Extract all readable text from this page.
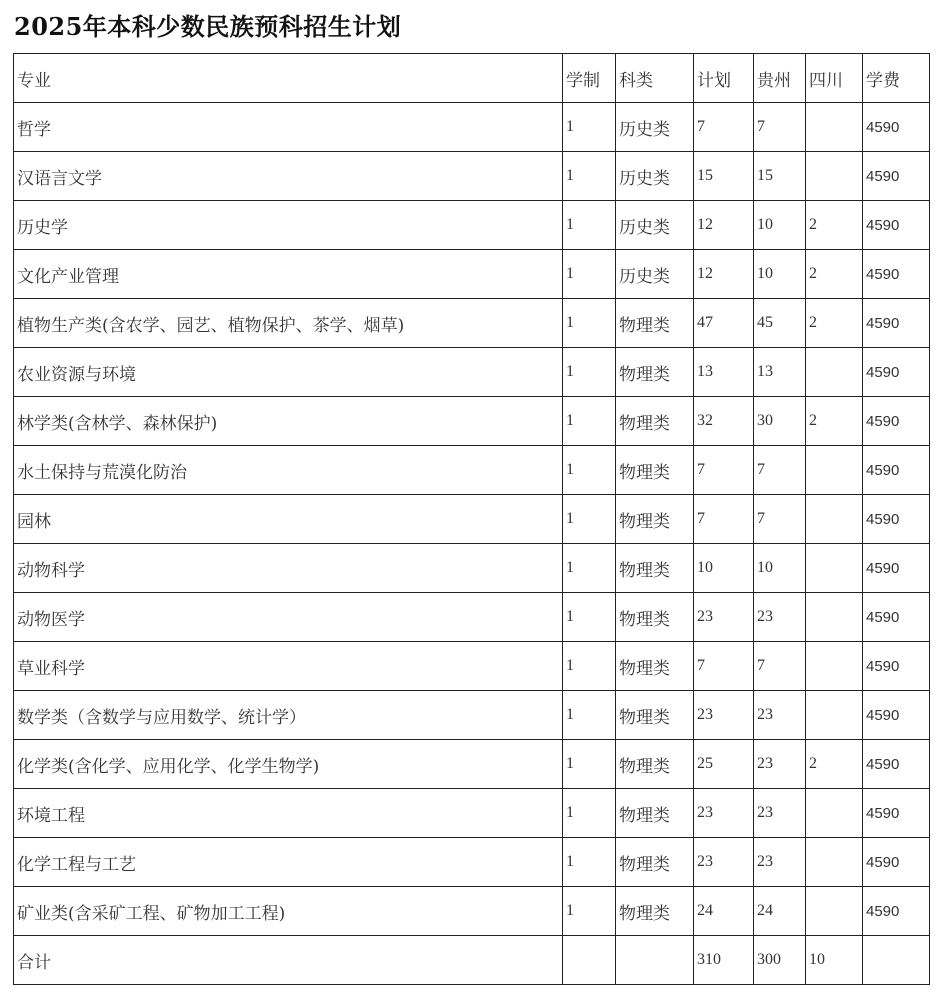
2025年本科少数民族预科招生计划
专业	学制	科类	计划	贵州	四川	学费
哲学	1	历史类	7	7		4590
汉语言文学	1	历史类	15	15		4590
历史学	1	历史类	12	10	2	4590
文化产业管理	1	历史类	12	10	2	4590
植物生产类(含农学、园艺、植物保护、茶学、烟草)	1	物理类	47	45	2	4590
农业资源与环境	1	物理类	13	13		4590
林学类(含林学、森林保护)	1	物理类	32	30	2	4590
水土保持与荒漠化防治	1	物理类	7	7		4590
园林	1	物理类	7	7		4590
动物科学	1	物理类	10	10		4590
动物医学	1	物理类	23	23		4590
草业科学	1	物理类	7	7		4590
数学类（含数学与应用数学、统计学）	1	物理类	23	23		4590
化学类(含化学、应用化学、化学生物学)	1	物理类	25	23	2	4590
环境工程	1	物理类	23	23		4590
化学工程与工艺	1	物理类	23	23		4590
矿业类(含采矿工程、矿物加工工程)	1	物理类	24	24		4590
合计			310	300	10	
